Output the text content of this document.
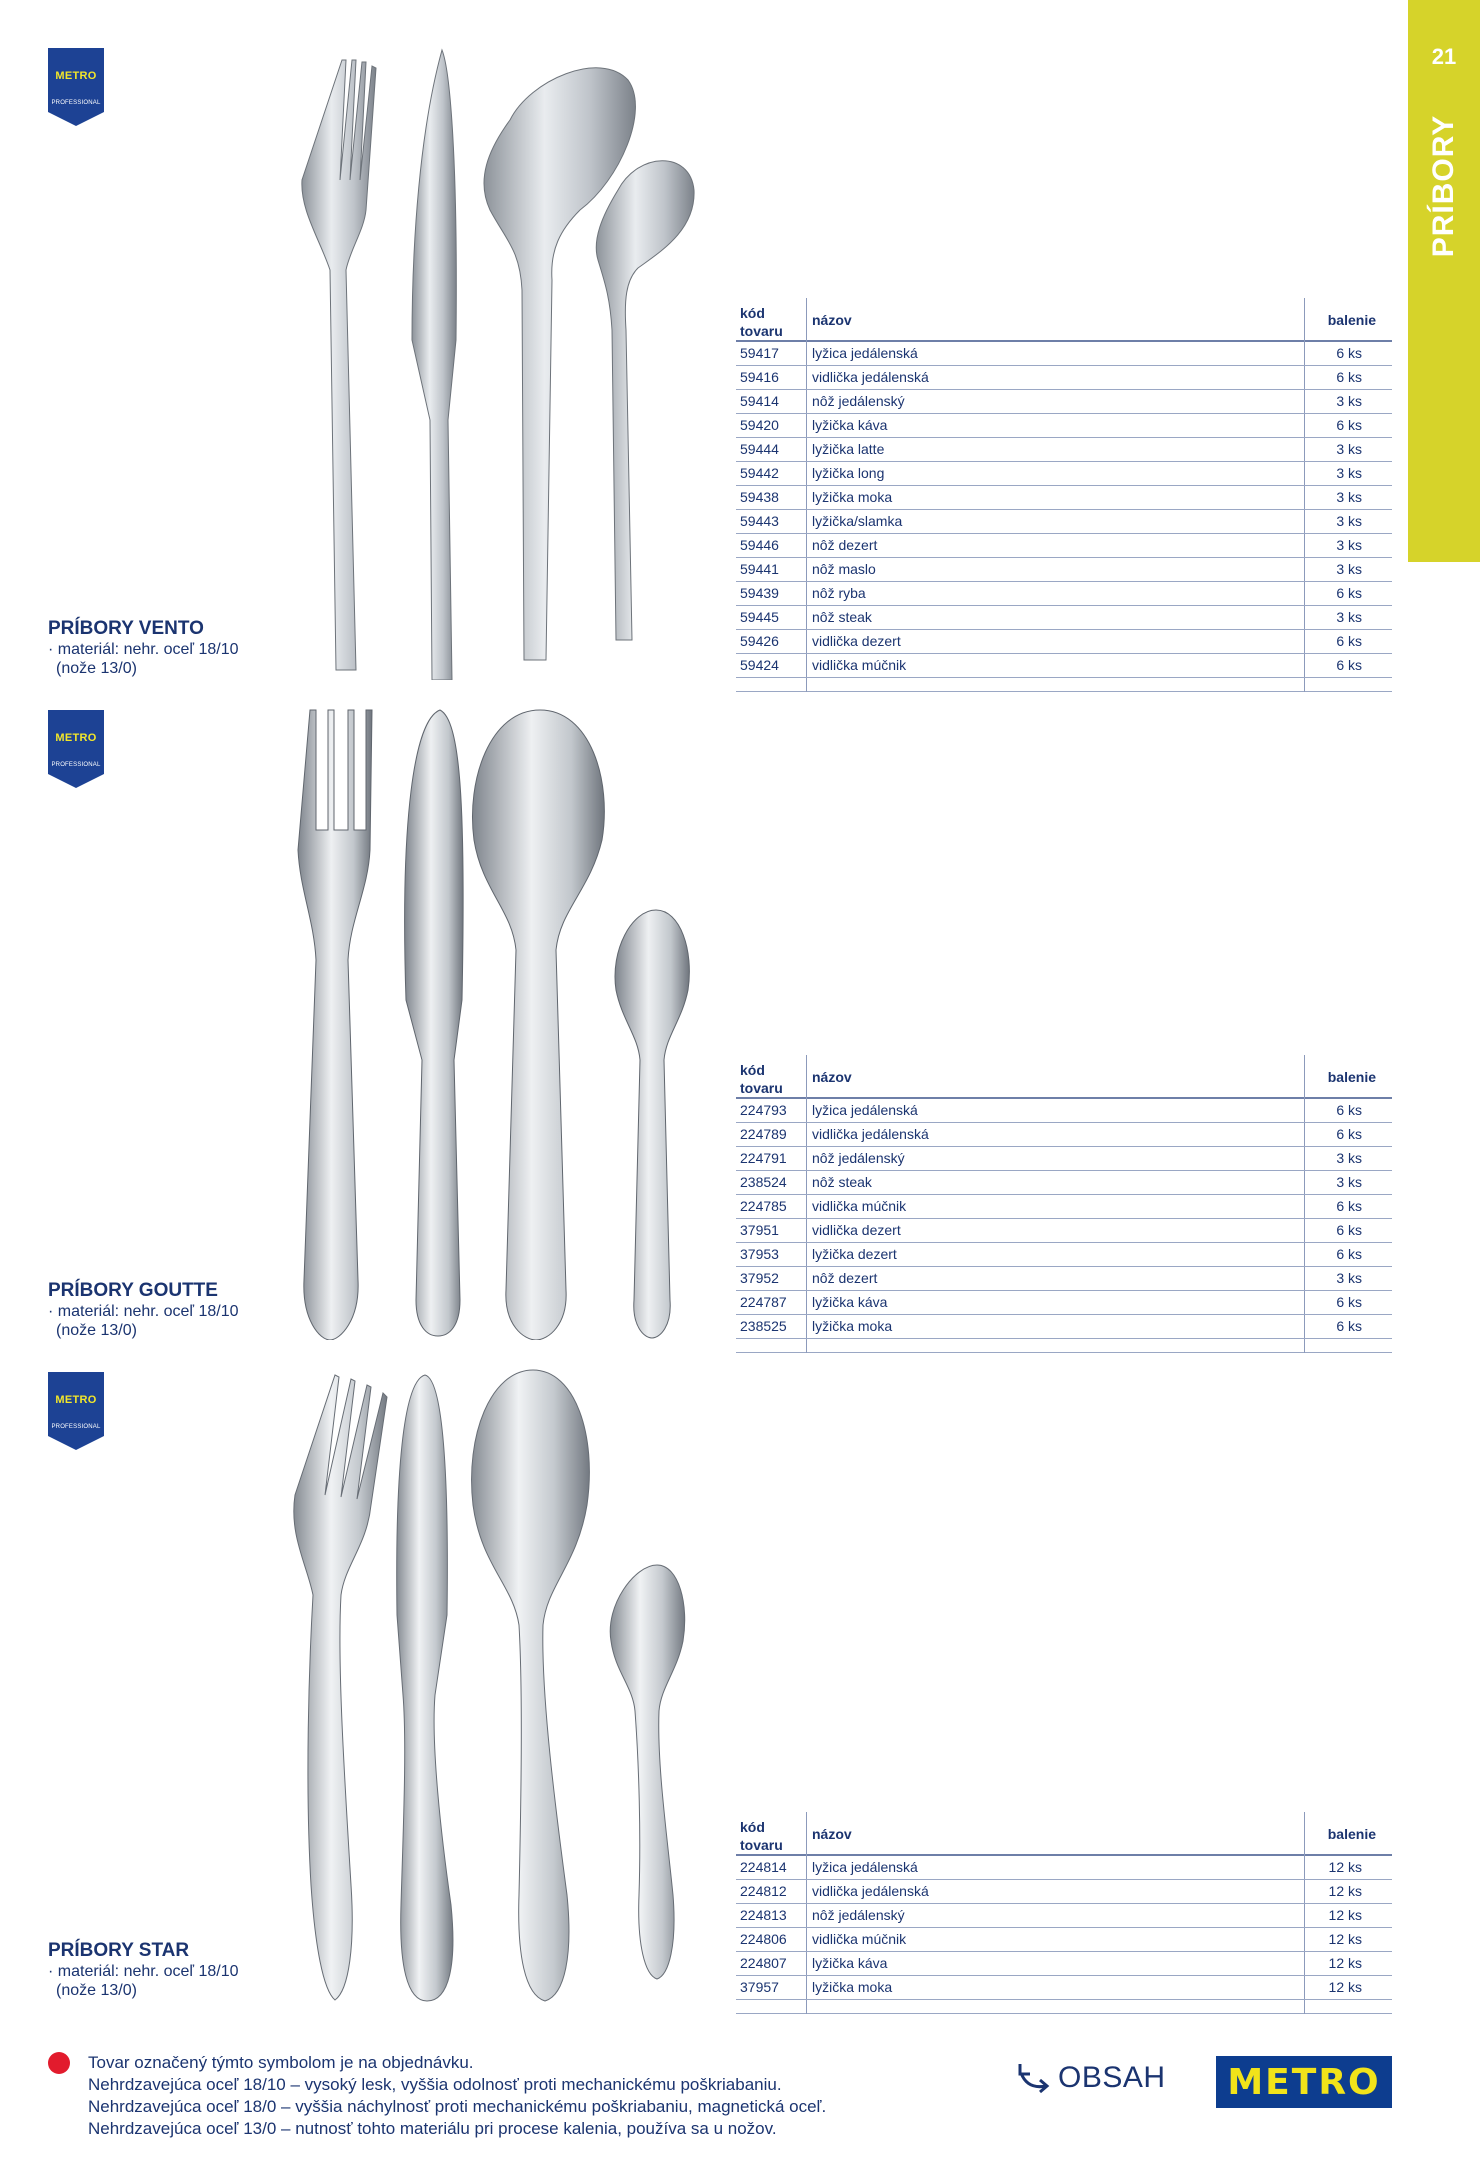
21
PRÍBORY
METRO
PROFESSIONAL
PRÍBORY VENTO
· materiál: nehr. oceľ 18/10
(nože 13/0)
kód tovaru
názov	balenie
59417 lyžica jedálenská	6 ks
59416 vidlička jedálenská	6 ks
59414 nôž jedálenský	3 ks
59420 lyžička káva	6 ks
59444 lyžička latte	3 ks
59442 lyžička long	3 ks
59438 lyžička moka	3 ks
59443 lyžička/slamka	3 ks
59446 nôž dezert	3 ks
59441 nôž maslo	3 ks
59439 nôž ryba	6 ks
59445 nôž steak	3 ks
59426 vidlička dezert	6 ks
59424 vidlička múčnik	6 ks
METRO
PROFESSIONAL
PRÍBORY GOUTTE
· materiál: nehr. oceľ 18/10
(nože 13/0)
kód tovaru
názov	balenie
224793 lyžica jedálenská	6 ks
224789 vidlička jedálenská	6 ks
224791 nôž jedálenský	3 ks
238524 nôž steak	3 ks
224785 vidlička múčnik	6 ks
37951 vidlička dezert	6 ks
37953 lyžička dezert	6 ks
37952 nôž dezert	3 ks
224787 lyžička káva	6 ks
238525 lyžička moka	6 ks
METRO
PROFESSIONAL
PRÍBORY STAR
· materiál: nehr. oceľ 18/10
(nože 13/0)
kód tovaru
názov	balenie
224814 lyžica jedálenská	12 ks
224812 vidlička jedálenská	12 ks
224813 nôž jedálenský	12 ks
224806 vidlička múčnik	12 ks
224807 lyžička káva	12 ks
37957 lyžička moka	12 ks
Tovar označený týmto symbolom je na objednávku.
Nehrdzavejúca oceľ 18/10 – vysoký lesk, vyššia odolnosť proti mechanickému poškriabaniu.
Nehrdzavejúca oceľ 18/0 – vyššia náchylnosť proti mechanickému poškriabaniu, magnetická oceľ.
Nehrdzavejúca oceľ 13/0 – nutnosť tohto materiálu pri procese kalenia, používa sa u nožov.
OBSAH METRO
